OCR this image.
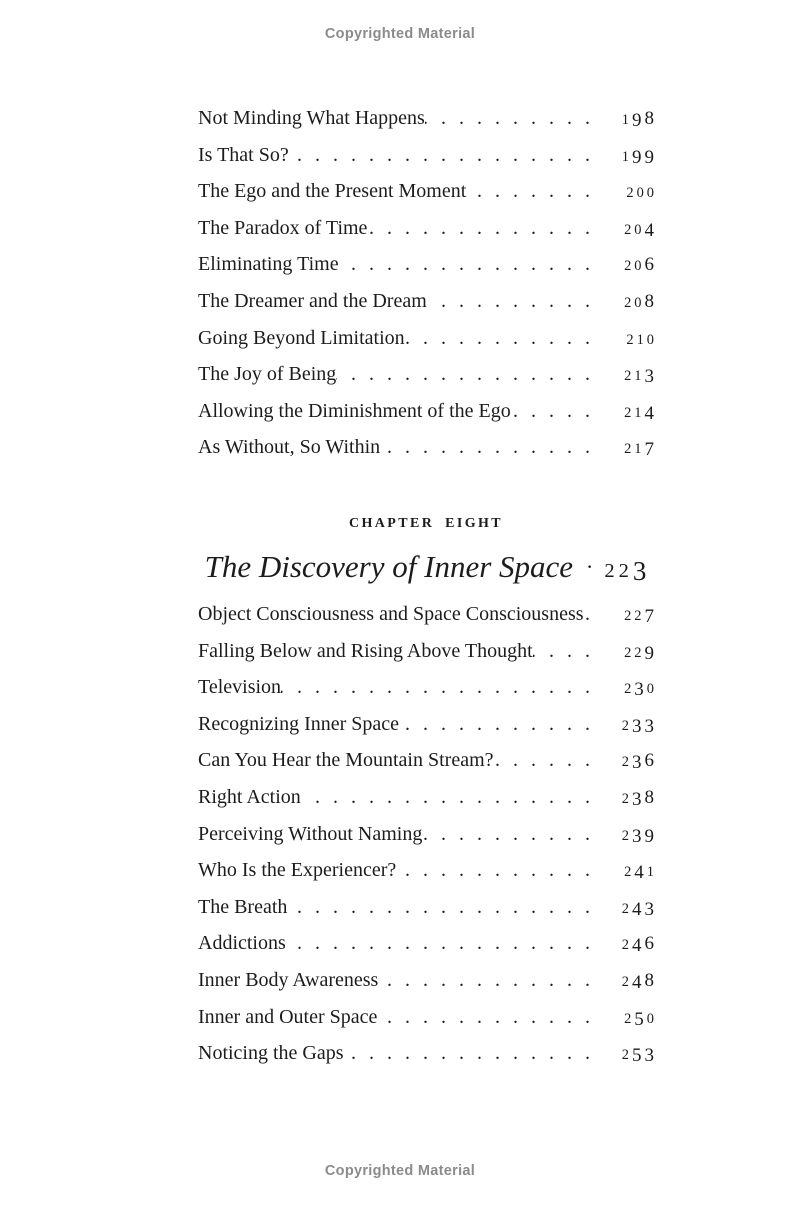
Copyrighted Material
Not Minding What Happens . . .	1 9 8
Is That So? . . .	1 9 9
The Ego and the Present Moment . . .	2 0 0
The Paradox of Time . . .	2 0 4
Eliminating Time . . .	2 0 6
The Dreamer and the Dream . . .	2 0 8
Going Beyond Limitation . . .	2 1 0
The Joy of Being . . .	2 1 3
Allowing the Diminishment of the Ego . . .	2 1 4
As Without, So Within . . .	2 1 7
CHAPTER EIGHT
The Discovery of Inner Space · 2 2 3
Object Consciousness and Space Consciousness . . .	2 2 7
Falling Below and Rising Above Thought . . .	2 2 9
Television . . .	2 3 0
Recognizing Inner Space . . .	2 3 3
Can You Hear the Mountain Stream? . . .	2 3 6
Right Action . . .	2 3 8
Perceiving Without Naming . . .	2 3 9
Who Is the Experiencer? . . .	2 4 1
The Breath . . .	2 4 3
Addictions . . .	2 4 6
Inner Body Awareness . . .	2 4 8
Inner and Outer Space . . .	2 5 0
Noticing the Gaps . . .	2 5 3
Copyrighted Material
